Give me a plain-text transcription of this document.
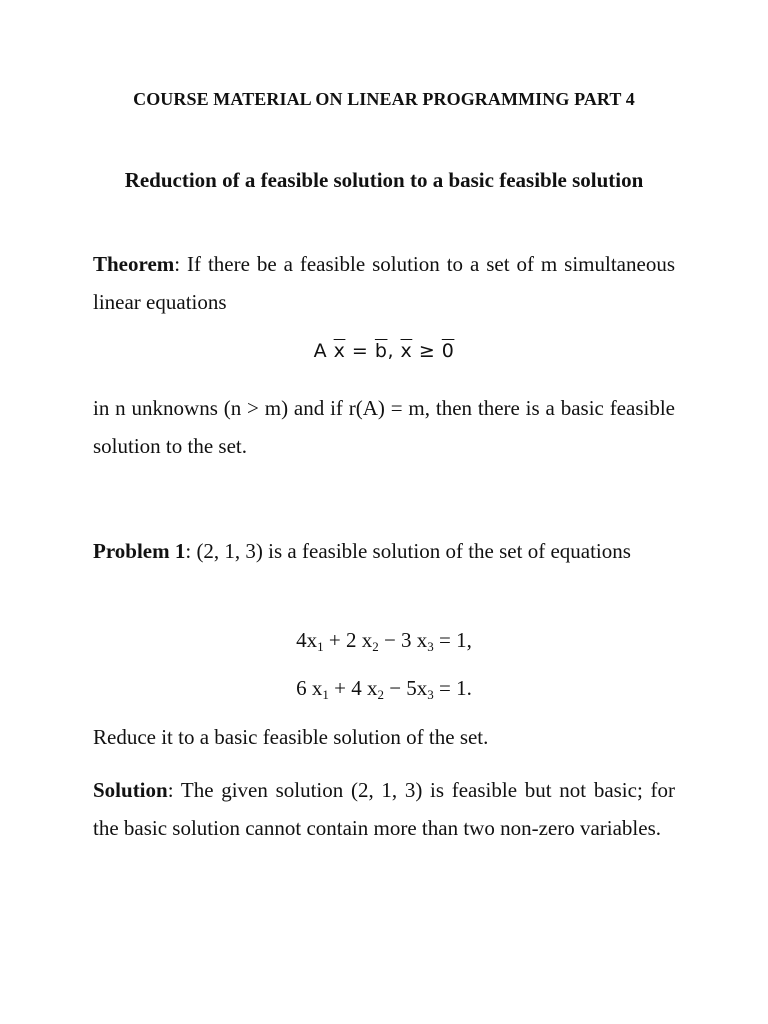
COURSE MATERIAL ON LINEAR PROGRAMMING PART 4
Reduction of a feasible solution to a basic feasible solution

Theorem: If there be a feasible solution to a set of m simultaneous linear equations

A $\overline{x} = \overline{b}$, $\overline{x} \ge 0$

in n unknowns (n > m) and if r(A) = m, then there is a basic feasible solution to the set.

Problem 1: (2, 1, 3) is a feasible solution of the set of equations

$4x_1 + 2$ $x_2 - 3$ $x_3 = 1$,
6 $x_1 + 4$ $x_2 - 5x_3 = 1$.

Reduce it to a basic feasible solution of the set.

Solution: The given solution (2, 1, 3) is feasible but not basic; for the basic solution cannot contain more than two non-zero variables.
